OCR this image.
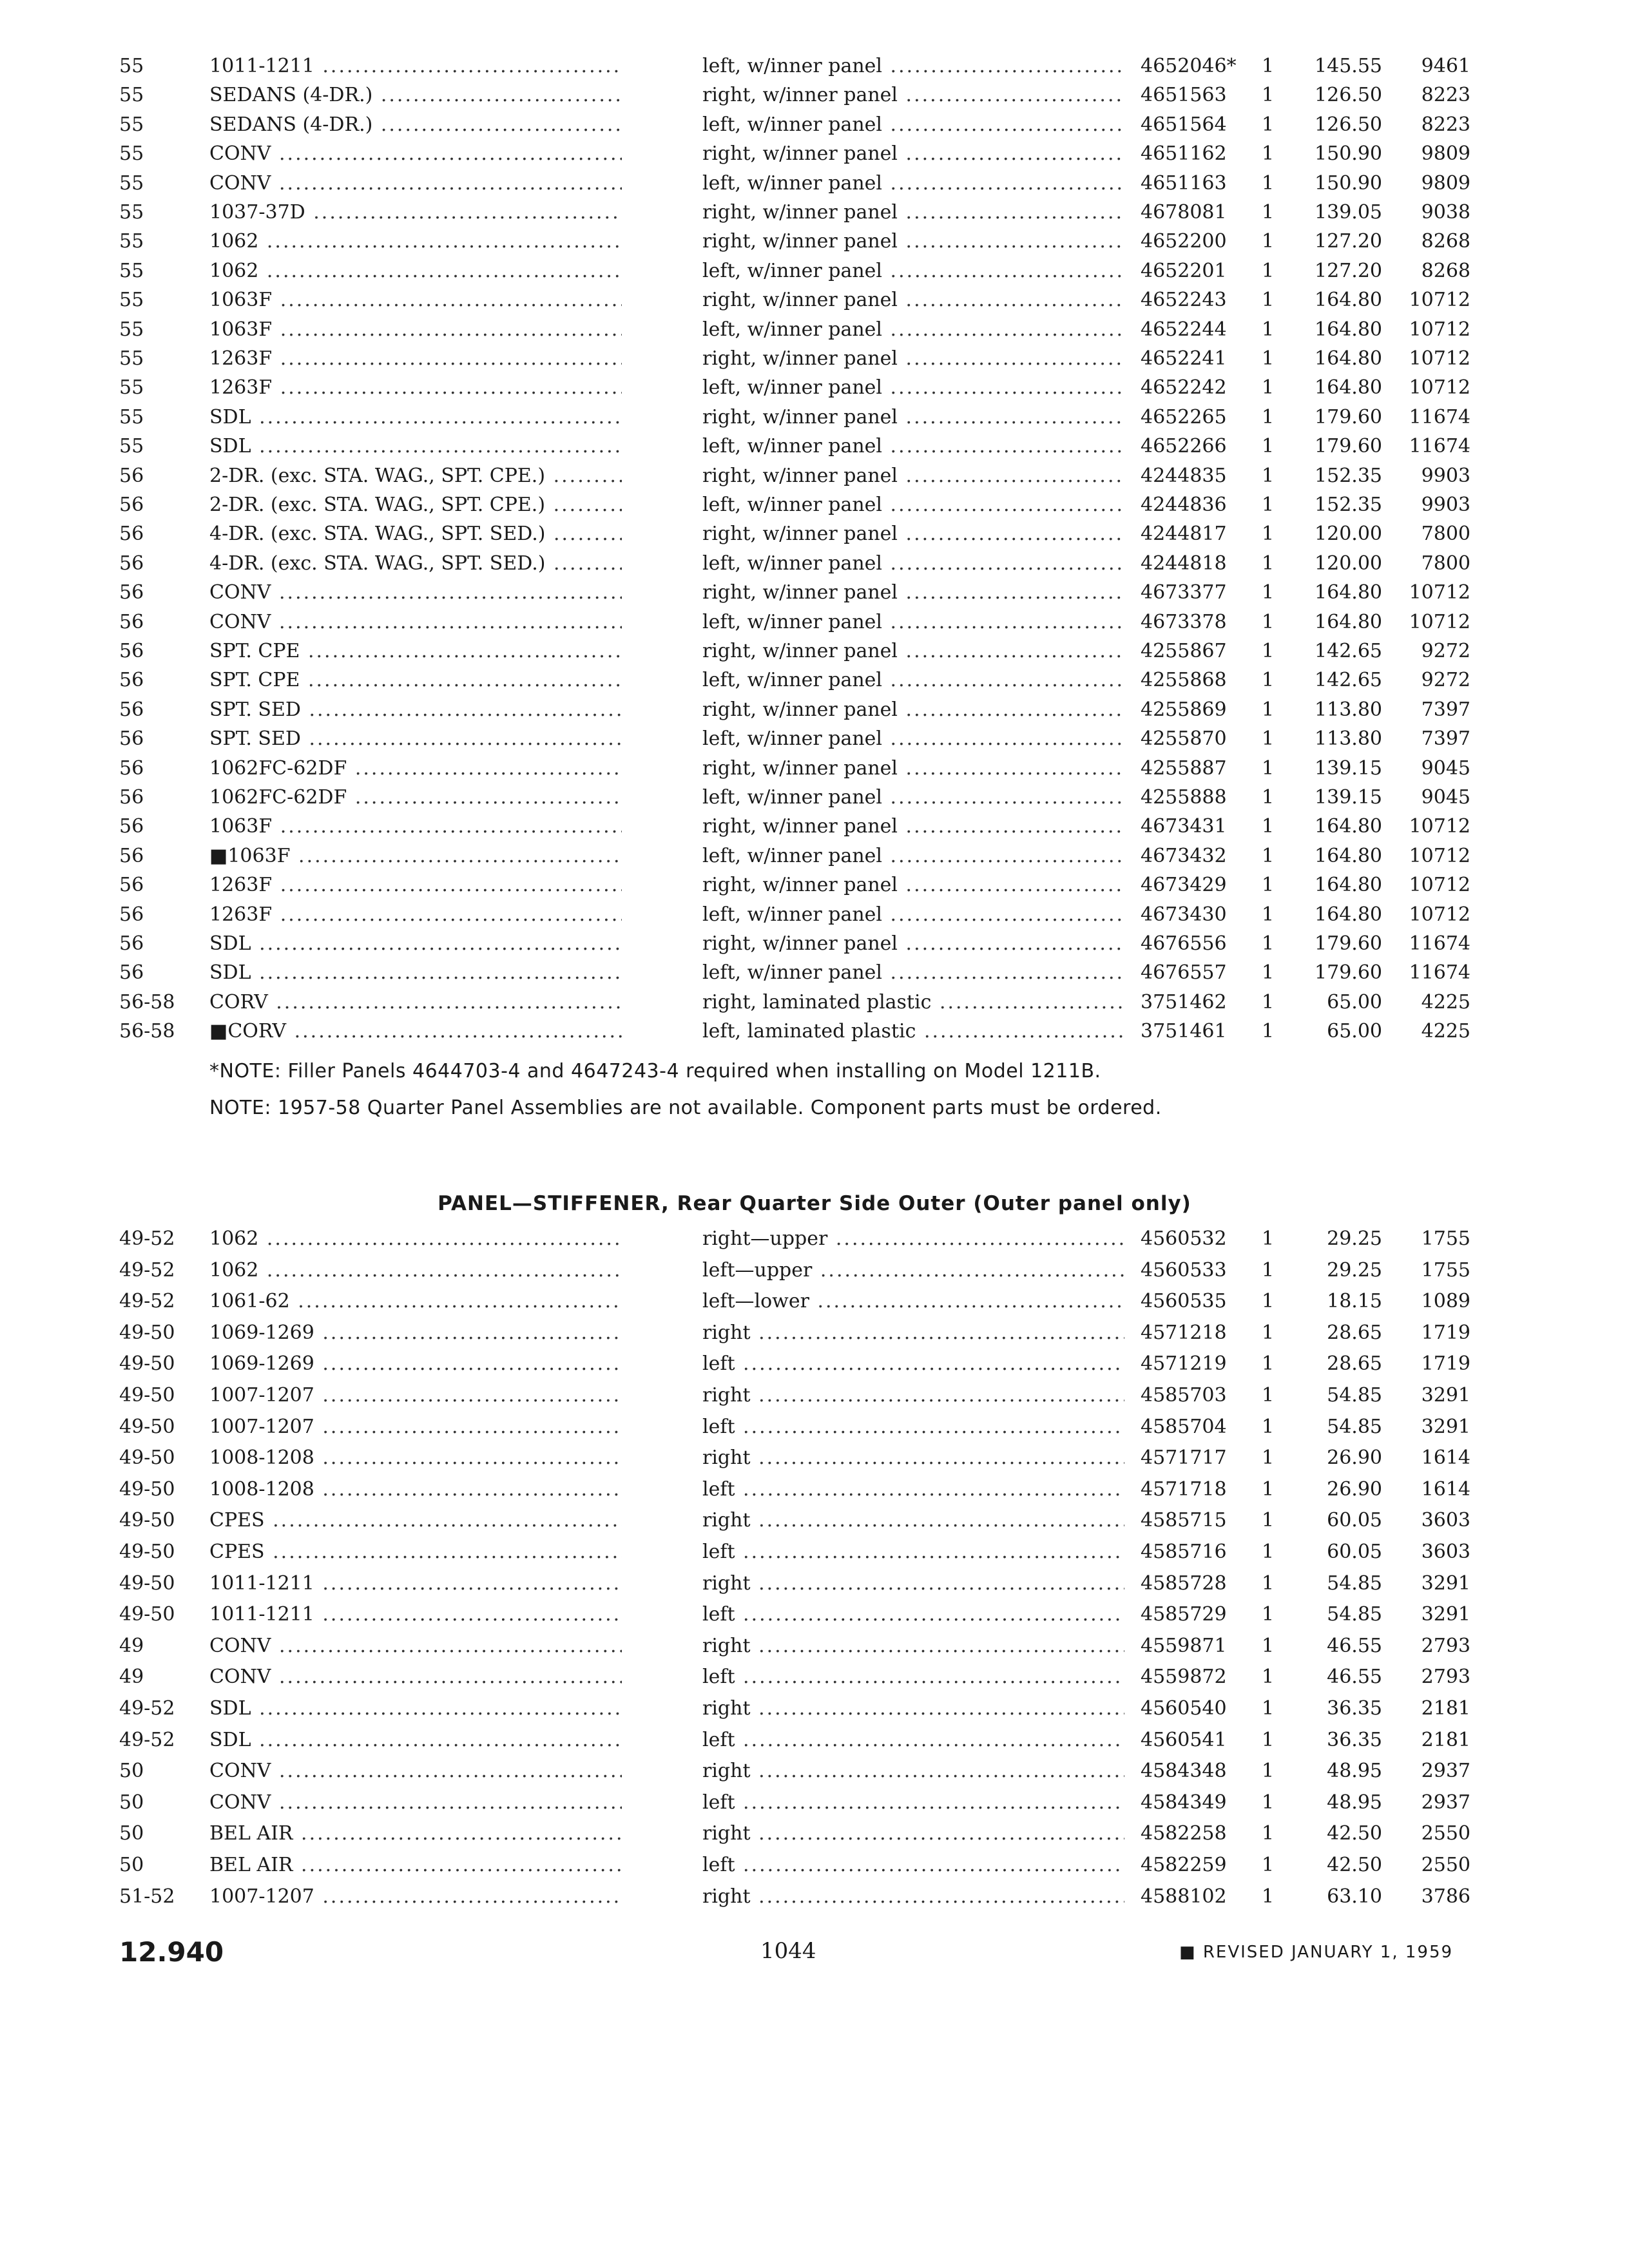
55	1011-1211 .....	left, w/inner panel .....	4652046* 1	145.55	9461
55	SEDANS (4-DR.) .....	right, w/inner panel .....	4651563 1	126.50	8223
55	SEDANS (4-DR.) .....	left, w/inner panel .....	4651564 1	126.50	8223
55	CONV .....	right, w/inner panel .....	4651162 1	150.90	9809
55	CONV .....	left, w/inner panel .....	4651163 1	150.90	9809
55	1037-37D .....	right, w/inner panel .....	4678081 1	139.05	9038
55	1062 .....	right, w/inner panel .....	4652200 1	127.20	8268
55	1062 .....	left, w/inner panel .....	4652201 1	127.20	8268
55	1063F .....	right, w/inner panel .....	4652243 1	164.80	10712
55	1063F .....	left, w/inner panel .....	4652244 1	164.80	10712
55	1263F .....	right, w/inner panel .....	4652241 1	164.80	10712
55	1263F .....	left, w/inner panel .....	4652242 1	164.80	10712
55	SDL .....	right, w/inner panel .....	4652265 1	179.60	11674
55	SDL .....	left, w/inner panel .....	4652266 1	179.60	11674
56	2-DR. (exc. STA. WAG., SPT. CPE.) .....	right, w/inner panel .....	4244835 1	152.35	9903
56	2-DR. (exc. STA. WAG., SPT. CPE.) .....	left, w/inner panel .....	4244836 1	152.35	9903
56	4-DR. (exc. STA. WAG., SPT. SED.) .....	right, w/inner panel .....	4244817 1	120.00	7800
56	4-DR. (exc. STA. WAG., SPT. SED.) .....	left, w/inner panel .....	4244818 1	120.00	7800
56	CONV .....	right, w/inner panel .....	4673377 1	164.80	10712
56	CONV .....	left, w/inner panel .....	4673378 1	164.80	10712
56	SPT. CPE .....	right, w/inner panel .....	4255867 1	142.65	9272
56	SPT. CPE .....	left, w/inner panel .....	4255868 1	142.65	9272
56	SPT. SED .....	right, w/inner panel .....	4255869 1	113.80	7397
56	SPT. SED .....	left, w/inner panel .....	4255870 1	113.80	7397
56	1062FC-62DF .....	right, w/inner panel .....	4255887 1	139.15	9045
56	1062FC-62DF .....	left, w/inner panel .....	4255888 1	139.15	9045
56	1063F .....	right, w/inner panel .....	4673431 1	164.80	10712
56	■1063F .....	left, w/inner panel .....	4673432 1	164.80	10712
56	1263F .....	right, w/inner panel .....	4673429 1	164.80	10712
56	1263F .....	left, w/inner panel .....	4673430 1	164.80	10712
56	SDL .....	right, w/inner panel .....	4676556 1	179.60	11674
56	SDL .....	left, w/inner panel .....	4676557 1	179.60	11674
56-58 CORV .....	right, laminated plastic .....	3751462 1	65.00	4225
56-58 ■CORV .....	left, laminated plastic .....	3751461 1	65.00	4225
*NOTE: Filler Panels 4644703-4 and 4647243-4 required when installing on Model 1211B.
NOTE: 1957-58 Quarter Panel Assemblies are not available. Component parts must be ordered.
PANEL—STIFFENER, Rear Quarter Side Outer (Outer panel only)
49-52 1062 .....	right—upper .....	4560532 1	29.25	1755
49-52 1062 .....	left—upper .....	4560533 1	29.25	1755
49-52 1061-62 .....	left—lower .....	4560535 1	18.15	1089
49-50 1069-1269 .....	right .....	4571218 1	28.65	1719
49-50 1069-1269 .....	left .....	4571219 1	28.65	1719
49-50 1007-1207 .....	right .....	4585703 1	54.85	3291
49-50 1007-1207 .....	left .....	4585704 1	54.85	3291
49-50 1008-1208 .....	right .....	4571717 1	26.90	1614
49-50 1008-1208 .....	left .....	4571718 1	26.90	1614
49-50 CPES .....	right .....	4585715 1	60.05	3603
49-50 CPES .....	left .....	4585716 1	60.05	3603
49-50 1011-1211 .....	right .....	4585728 1	54.85	3291
49-50 1011-1211 .....	left .....	4585729 1	54.85	3291
49	CONV .....	right .....	4559871 1	46.55	2793
49	CONV .....	left .....	4559872 1	46.55	2793
49-52 SDL .....	right .....	4560540 1	36.35	2181
49-52 SDL .....	left .....	4560541 1	36.35	2181
50	CONV .....	right .....	4584348 1	48.95	2937
50	CONV .....	left .....	4584349 1	48.95	2937
50	BEL AIR .....	right .....	4582258 1	42.50	2550
50	BEL AIR .....	left .....	4582259 1	42.50	2550
51-52 1007-1207 .....	right .....	4588102 1	63.10	3786
12.940	1044	■ REVISED JANUARY 1, 1959
